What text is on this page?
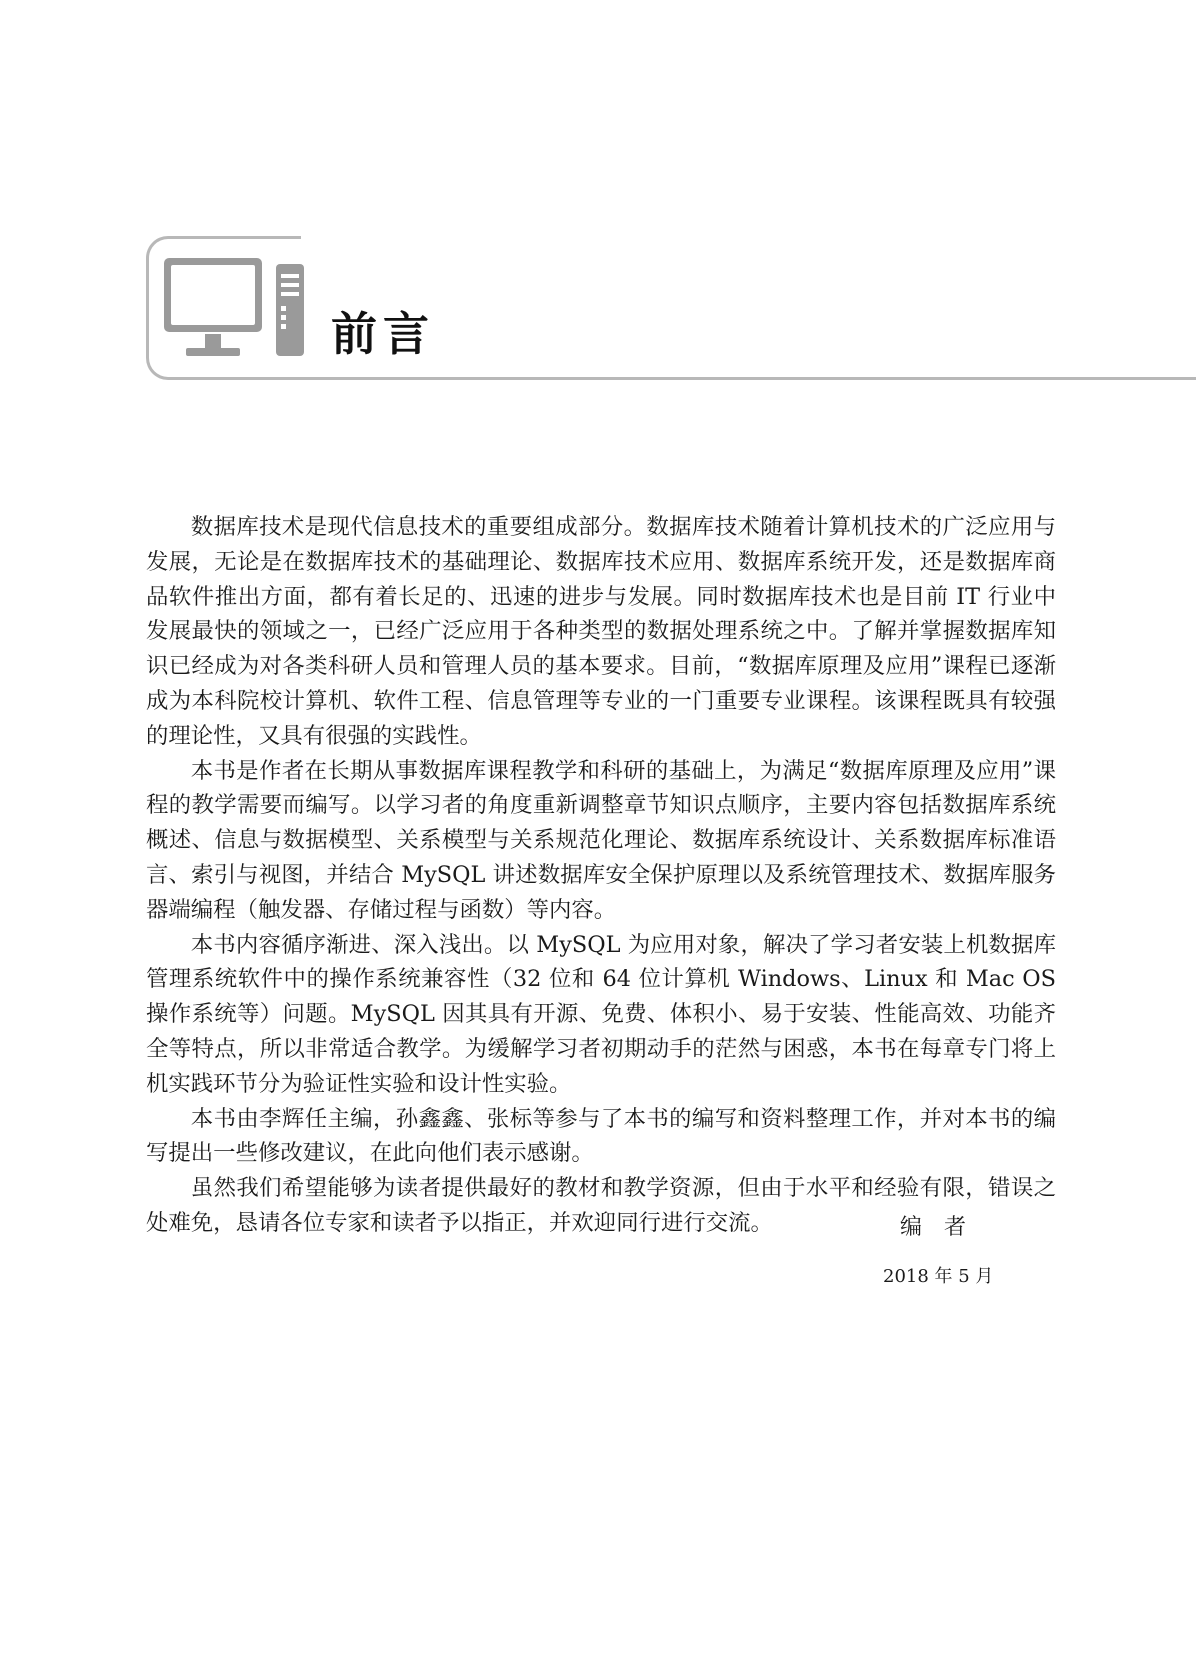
前言

数据库技术是现代信息技术的重要组成部分。数据库技术随着计算机技术的广泛应用与发展，无论是在数据库技术的基础理论、数据库技术应用、数据库系统开发，还是数据库商品软件推出方面，都有着长足的、迅速的进步与发展。同时数据库技术也是目前 IT 行业中发展最快的领域之一，已经广泛应用于各种类型的数据处理系统之中。了解并掌握数据库知识已经成为对各类科研人员和管理人员的基本要求。目前，“数据库原理及应用”课程已逐渐成为本科院校计算机、软件工程、信息管理等专业的一门重要专业课程。该课程既具有较强的理论性，又具有很强的实践性。

本书是作者在长期从事数据库课程教学和科研的基础上，为满足“数据库原理及应用”课程的教学需要而编写。以学习者的角度重新调整章节知识点顺序，主要内容包括数据库系统概述、信息与数据模型、关系模型与关系规范化理论、数据库系统设计、关系数据库标准语言、索引与视图，并结合 MySQL 讲述数据库安全保护原理以及系统管理技术、数据库服务器端编程（触发器、存储过程与函数）等内容。

本书内容循序渐进、深入浅出。以 MySQL 为应用对象，解决了学习者安装上机数据库管理系统软件中的操作系统兼容性（32 位和 64 位计算机 Windows、Linux 和 Mac OS 操作系统等）问题。MySQL 因其具有开源、免费、体积小、易于安装、性能高效、功能齐全等特点，所以非常适合教学。为缓解学习者初期动手的茫然与困惑，本书在每章专门将上机实践环节分为验证性实验和设计性实验。

本书由李辉任主编，孙鑫鑫、张标等参与了本书的编写和资料整理工作，并对本书的编写提出一些修改建议，在此向他们表示感谢。

虽然我们希望能够为读者提供最好的教材和教学资源，但由于水平和经验有限，错误之处难免，恳请各位专家和读者予以指正，并欢迎同行进行交流。	编者
2018 年 5 月
